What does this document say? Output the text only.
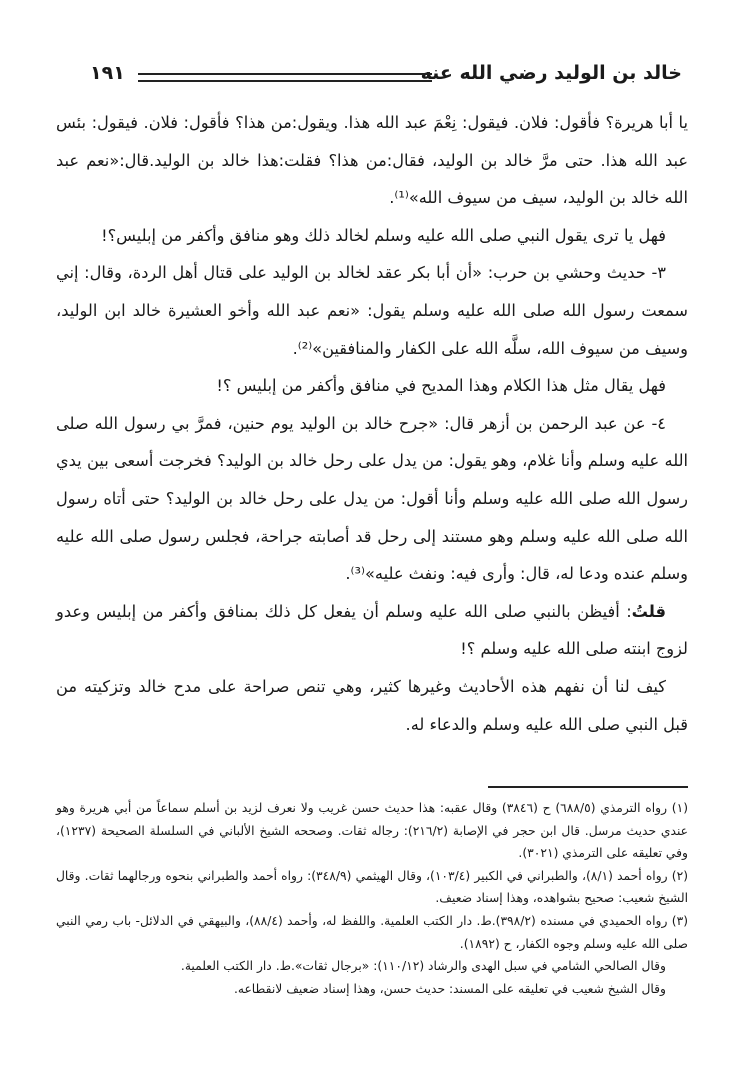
خالد بن الوليد رضي الله عنه
١٩١

يا أبا هريرة؟ فأقول: فلان. فيقول: نِعْمَ عبد الله هذا. ويقول:من هذا؟ فأقول: فلان. فيقول: بئس عبد الله هذا. حتى مرَّ خالد بن الوليد، فقال:من هذا؟ فقلت:هذا خالد بن الوليد.قال:«نعم عبد الله خالد بن الوليد، سيف من سيوف الله»⁽¹⁾.

فهل يا ترى يقول النبي صلى الله عليه وسلم لخالد ذلك وهو منافق وأكفر من إبليس؟!

٣- حديث وحشي بن حرب: «أن أبا بكر عقد لخالد بن الوليد على قتال أهل الردة، وقال: إني سمعت رسول الله صلى الله عليه وسلم يقول: «نعم عبد الله وأخو العشيرة خالد ابن الوليد، وسيف من سيوف الله، سلَّه الله على الكفار والمنافقين»⁽²⁾.

فهل يقال مثل هذا الكلام وهذا المديح في منافق وأكفر من إبليس ؟!

٤- عن عبد الرحمن بن أزهر قال: «جرح خالد بن الوليد يوم حنين، فمرَّ بي رسول الله صلى الله عليه وسلم وأنا غلام، وهو يقول: من يدل على رحل خالد بن الوليد؟ فخرجت أسعى بين يدي رسول الله صلى الله عليه وسلم وأنا أقول: من يدل على رحل خالد بن الوليد؟ حتى أتاه رسول الله صلى الله عليه وسلم وهو مستند إلى رحل قد أصابته جراحة، فجلس رسول صلى الله عليه وسلم عنده ودعا له، قال: وأرى فيه: ونفث عليه»⁽³⁾.

قلتُ: أفيظن بالنبي صلى الله عليه وسلم أن يفعل كل ذلك بمنافق وأكفر من إبليس وعدو لزوج ابنته صلى الله عليه وسلم ؟!

كيف لنا أن نفهم هذه الأحاديث وغيرها كثير، وهي تنص صراحة على مدح خالد وتزكيته من قبل النبي صلى الله عليه وسلم والدعاء له.

(١) رواه الترمذي (٦٨٨/٥) ح (٣٨٤٦) وقال عقبه: هذا حديث حسن غريب ولا نعرف لزيد بن أسلم سماعاً من أبي هريرة وهو عندي حديث مرسل. قال ابن حجر في الإصابة (٢١٦/٢): رجاله ثقات. وصححه الشيخ الألباني في السلسلة الصحيحة (١٢٣٧)، وفي تعليقه على الترمذي (٣٠٢١).

(٢) رواه أحمد (٨/١)، والطبراني في الكبير (١٠٣/٤)، وقال الهيثمي (٣٤٨/٩): رواه أحمد والطبراني بنحوه ورجالهما ثقات. وقال الشيخ شعيب: صحيح بشواهده، وهذا إسناد ضعيف.

(٣) رواه الحميدي في مسنده (٣٩٨/٢).ط. دار الكتب العلمية. واللفظ له، وأحمد (٨٨/٤)، والبيهقي في الدلائل- باب رمي النبي صلى الله عليه وسلم وجوه الكفار، ح (١٨٩٢).

وقال الصالحي الشامي في سبل الهدى والرشاد (١١٠/١٢): «برجال ثقات».ط. دار الكتب العلمية.

وقال الشيخ شعيب في تعليقه على المسند: حديث حسن، وهذا إسناد ضعيف لانقطاعه.
